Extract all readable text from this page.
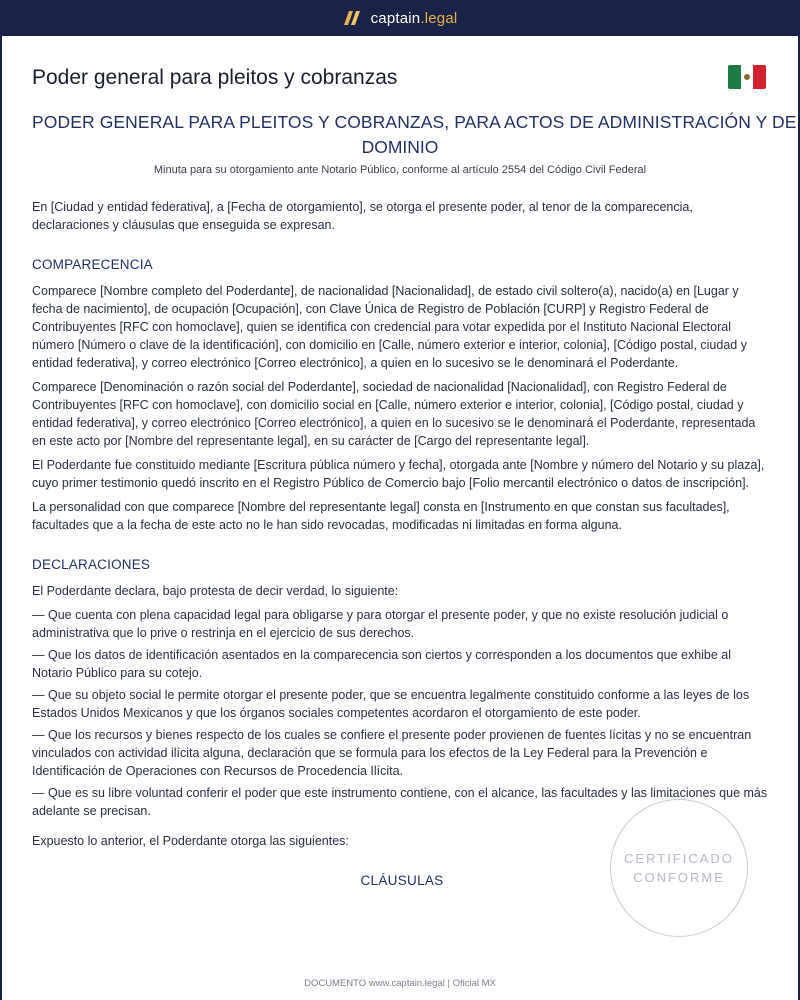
captain.legal
Poder general para pleitos y cobranzas
PODER GENERAL PARA PLEITOS Y COBRANZAS, PARA ACTOS DE ADMINISTRACIÓN Y DE
DOMINIO
Minuta para su otorgamiento ante Notario Público, conforme al artículo 2554 del Código Civil Federal

En [Ciudad y entidad federativa], a [Fecha de otorgamiento], se otorga el presente poder, al tenor de la comparecencia, declaraciones y cláusulas que enseguida se expresan.

COMPARECENCIA

Comparece [Nombre completo del Poderdante], de nacionalidad [Nacionalidad], de estado civil soltero(a), nacido(a) en [Lugar y fecha de nacimiento], de ocupación [Ocupación], con Clave Única de Registro de Población [CURP] y Registro Federal de Contribuyentes [RFC con homoclave], quien se identifica con credencial para votar expedida por el Instituto Nacional Electoral número [Número o clave de la identificación], con domicilio en [Calle, número exterior e interior, colonia], [Código postal, ciudad y entidad federativa], y correo electrónico [Correo electrónico], a quien en lo sucesivo se le denominará el Poderdante.

Comparece [Denominación o razón social del Poderdante], sociedad de nacionalidad [Nacionalidad], con Registro Federal de Contribuyentes [RFC con homoclave], con domicilio social en [Calle, número exterior e interior, colonia], [Código postal, ciudad y entidad federativa], y correo electrónico [Correo electrónico], a quien en lo sucesivo se le denominará el Poderdante, representada en este acto por [Nombre del representante legal], en su carácter de [Cargo del representante legal].

El Poderdante fue constituido mediante [Escritura pública número y fecha], otorgada ante [Nombre y número del Notario y su plaza], cuyo primer testimonio quedó inscrito en el Registro Público de Comercio bajo [Folio mercantil electrónico o datos de inscripción].

La personalidad con que comparece [Nombre del representante legal] consta en [Instrumento en que constan sus facultades], facultades que a la fecha de este acto no le han sido revocadas, modificadas ni limitadas en forma alguna.

DECLARACIONES

El Poderdante declara, bajo protesta de decir verdad, lo siguiente:

— Que cuenta con plena capacidad legal para obligarse y para otorgar el presente poder, y que no existe resolución judicial o administrativa que lo prive o restrinja en el ejercicio de sus derechos.

— Que los datos de identificación asentados en la comparecencia son ciertos y corresponden a los documentos que exhibe al Notario Público para su cotejo.

— Que su objeto social le permite otorgar el presente poder, que se encuentra legalmente constituido conforme a las leyes de los Estados Unidos Mexicanos y que los órganos sociales competentes acordaron el otorgamiento de este poder.

— Que los recursos y bienes respecto de los cuales se confiere el presente poder provienen de fuentes lícitas y no se encuentran vinculados con actividad ilícita alguna, declaración que se formula para los efectos de la Ley Federal para la Prevención e Identificación de Operaciones con Recursos de Procedencia Ilícita.

— Que es su libre voluntad conferir el poder que este instrumento contiene, con el alcance, las facultades y las limitaciones que más adelante se precisan.

Expuesto lo anterior, el Poderdante otorga las siguientes:

CLÁUSULAS
CERTIFICADO
CONFORME
DOCUMENTO www.captain.legal | Oficial MX
